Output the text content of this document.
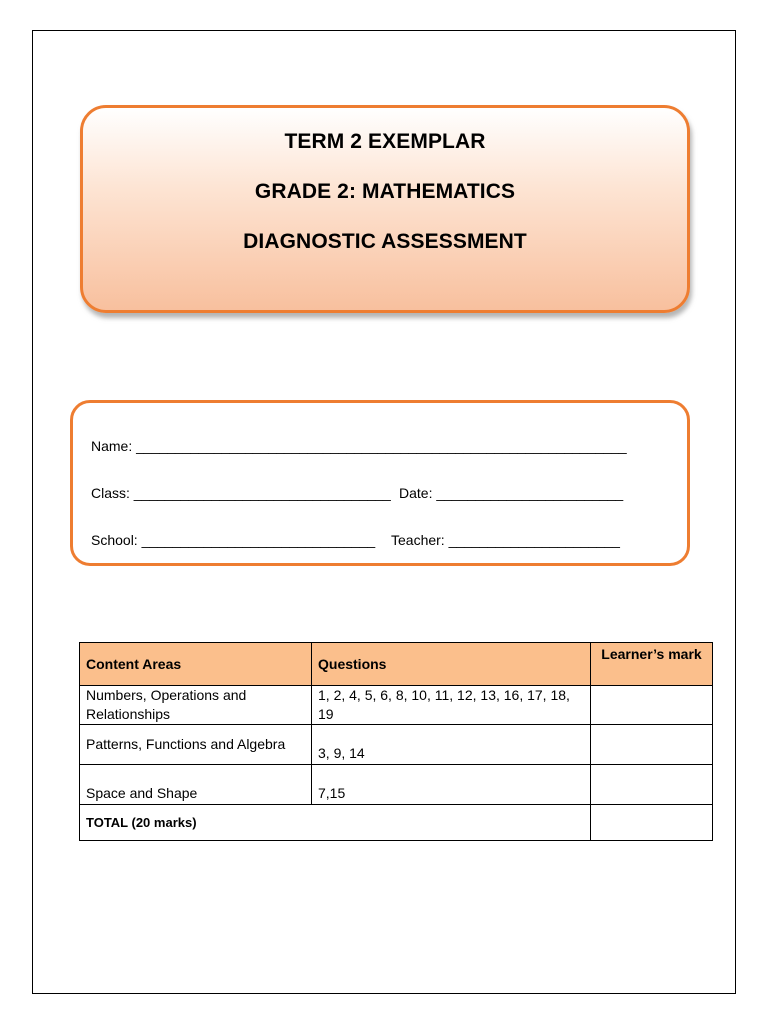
TERM 2 EXEMPLAR
GRADE 2: MATHEMATICS
DIAGNOSTIC ASSESSMENT
Name: _______________________________________________________________
Class: _________________________________ Date: ________________________
School: ______________________________ Teacher: ______________________
Content Areas	Questions	Learner’s mark
Numbers, Operations and Relationships	1, 2, 4, 5, 6, 8, 10, 11, 12, 13, 16, 17, 18, 19	
Patterns, Functions and Algebra	3, 9, 14	
Space and Shape	7,15	
TOTAL (20 marks)		
